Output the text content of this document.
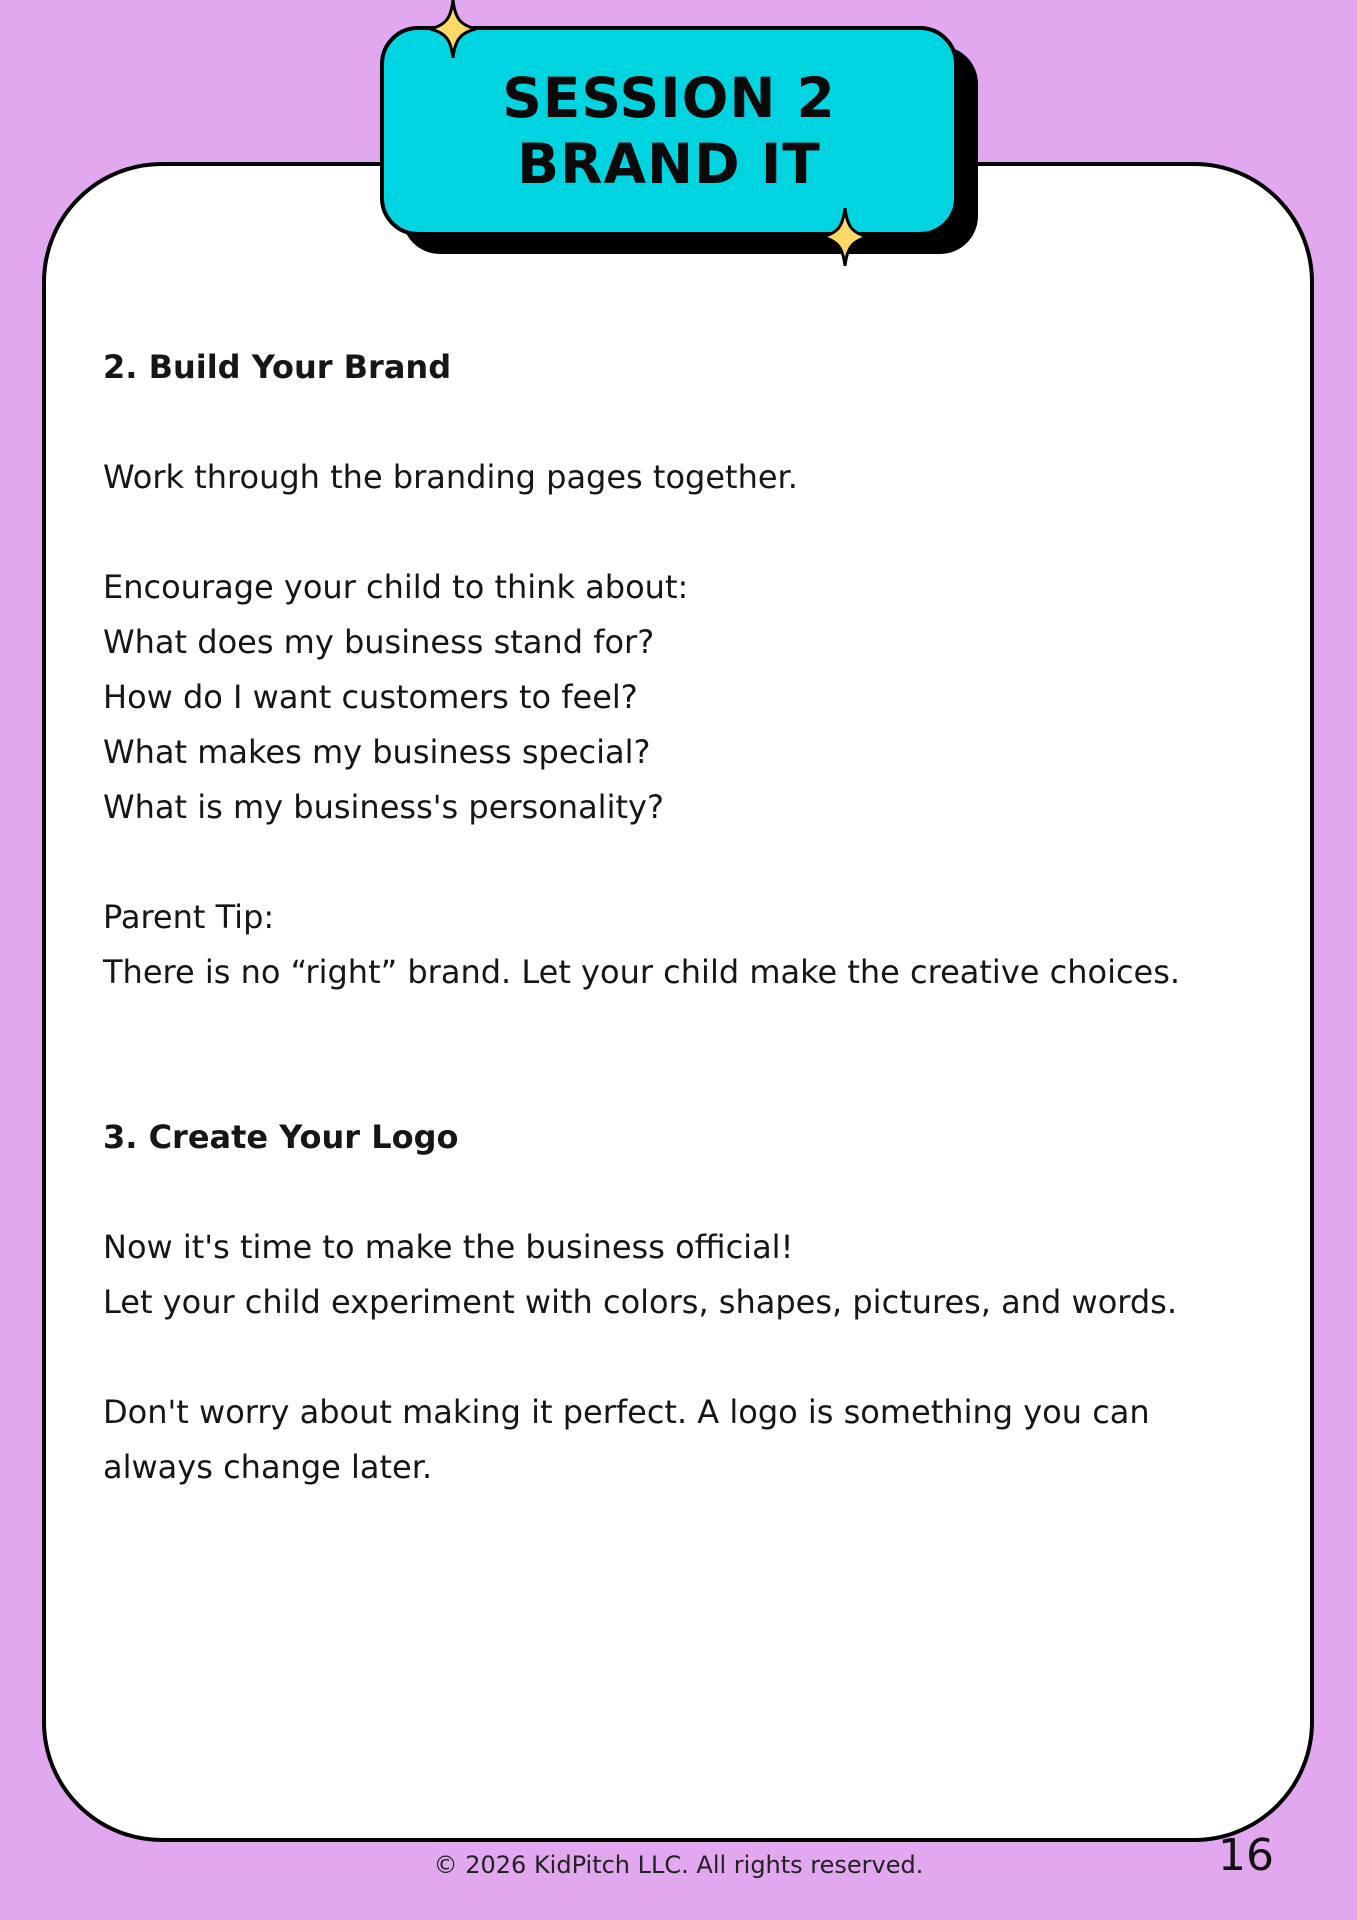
SESSION 2
BRAND IT
2. Build Your Brand
Work through the branding pages together.
Encourage your child to think about:
What does my business stand for?
How do I want customers to feel?
What makes my business special?
What is my business's personality?
Parent Tip:
There is no “right” brand. Let your child make the creative choices.
3. Create Your Logo
Now it's time to make the business official!
Let your child experiment with colors, shapes, pictures, and words.
Don't worry about making it perfect. A logo is something you can always change later.
© 2026 KidPitch LLC. All rights reserved.	16
